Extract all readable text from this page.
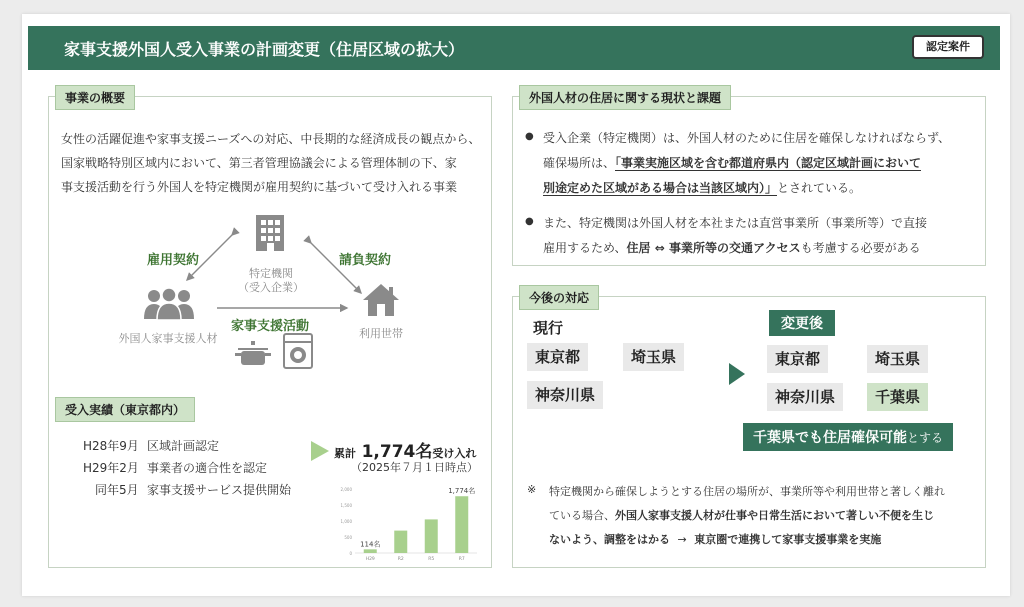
家事支援外国人受入事業の計画変更（住居区域の拡大）	認定案件
事業の概要
女性の活躍促進や家事支援ニーズへの対応、中長期的な経済成長の観点から、
国家戦略特別区域内において、第三者管理協議会による管理体制の下、家
事支援活動を行う外国人を特定機関が雇用契約に基づいて受け入れる事業
特定機関
（受入企業）
雇用契約	請負契約
外国人家事支援人材	利用世帯
家事支援活動
受入実績（東京都内）
H28年9月 区域計画認定
H29年2月 事業者の適合性を認定
同年5月 家事支援サービス提供開始
累計 1,774名受け入れ
（2025年７月１日時点）
2,000
1,500
1,000
500
0
H29
114名
R2	R5	R7
1,774名
外国人材の住居に関する現状と課題
● 受入企業（特定機関）は、外国人材のために住居を確保しなければならず、
確保場所は、「事業実施区域を含む都道府県内（認定区域計画において
別途定めた区域がある場合は当該区域内）」とされている。
● また、特定機関は外国人材を本社または直営事業所（事業所等）で直接
雇用するため、住居 ⇔ 事業所等の交通アクセスも考慮する必要がある
今後の対応
現行
東京都	埼玉県
神奈川県
変更後
東京都	埼玉県
神奈川県	千葉県
千葉県でも住居確保可能とする
※ 特定機関から確保しようとする住居の場所が、事業所等や利用世帯と著しく離れ
ている場合、外国人家事支援人材が仕事や日常生活において著しい不便を生じ
ないよう、調整をはかる → 東京圏で連携して家事支援事業を実施
